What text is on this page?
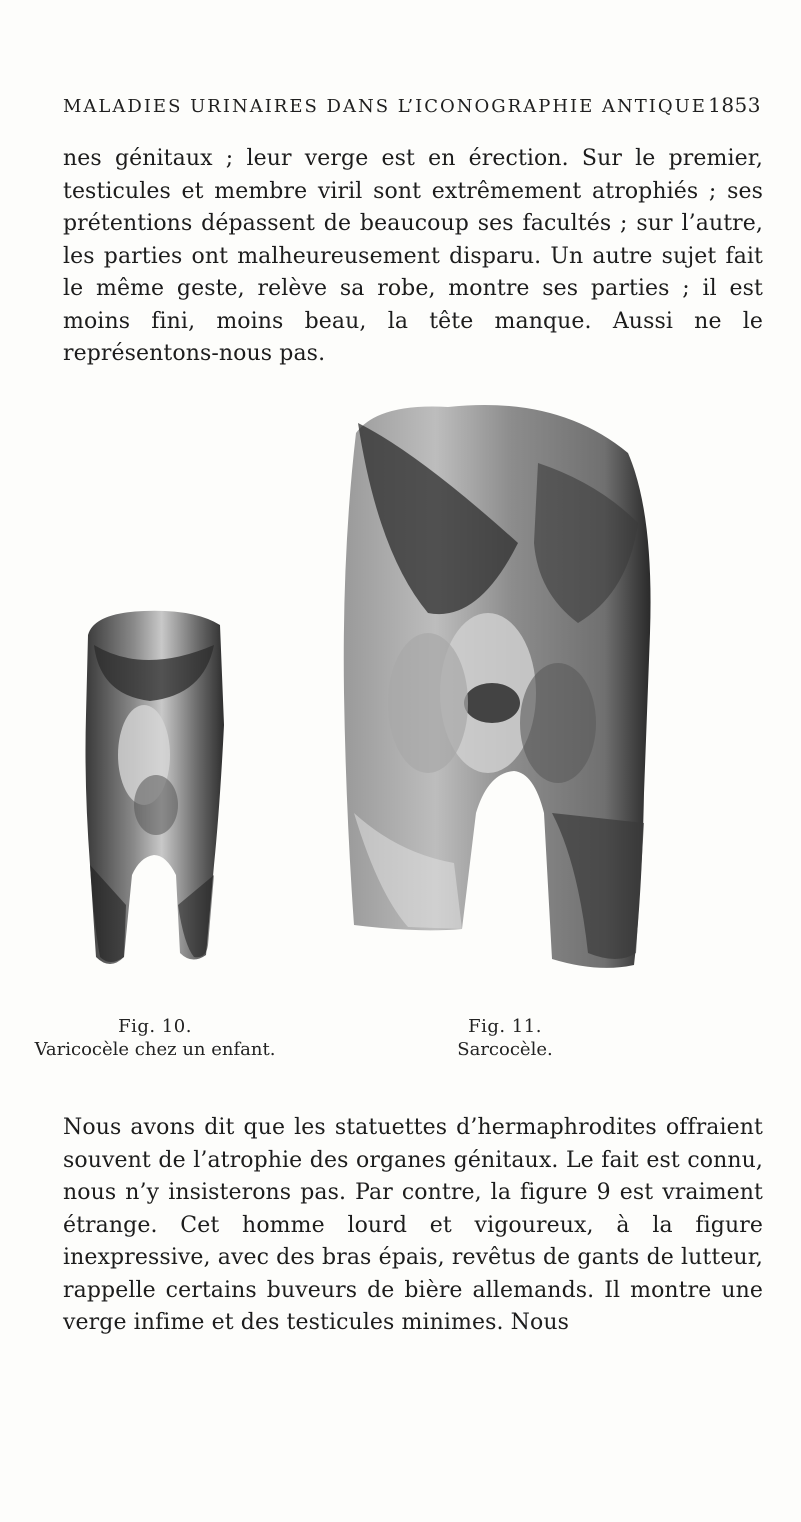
MALADIES URINAIRES DANS L’ICONOGRAPHIE ANTIQUE 1853

nes génitaux ; leur verge est en érection. Sur le premier, testicules et membre viril sont extrêmement atrophiés ; ses prétentions dépassent de beaucoup ses facultés ; sur l’autre, les parties ont malheureusement disparu. Un autre sujet fait le même geste, relève sa robe, montre ses parties ; il est moins fini, moins beau, la tête manque. Aussi ne le représentons-nous pas.

Fig. 10.
Varicocèle chez un enfant.
Fig. 11.
Sarcocèle.

Nous avons dit que les statuettes d’hermaphrodites offraient souvent de l’atrophie des organes génitaux. Le fait est connu, nous n’y insisterons pas. Par contre, la figure 9 est vraiment étrange. Cet homme lourd et vigoureux, à la figure inexpressive, avec des bras épais, revêtus de gants de lutteur, rappelle certains buveurs de bière allemands. Il montre une verge infime et des testicules minimes. Nous
